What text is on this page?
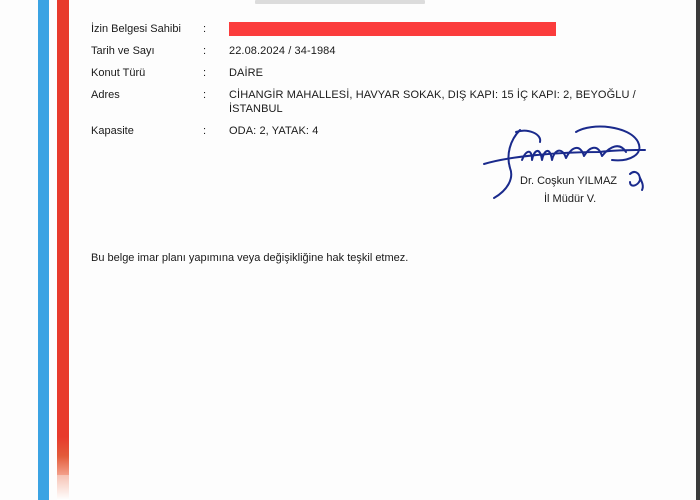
İzin Belgesi Sahibi	:
Tarih ve Sayı	:	22.08.2024 / 34-1984
Konut Türü	:	DAİRE
Adres	:	CİHANGİR MAHALLESİ, HAVYAR SOKAK, DIŞ KAPI: 15 İÇ KAPI: 2, BEYOĞLU / İSTANBUL
Kapasite	:	ODA: 2, YATAK: 4
Dr. Coşkun YILMAZ
İl Müdür V.
Bu belge imar planı yapımına veya değişikliğine hak teşkil etmez.
